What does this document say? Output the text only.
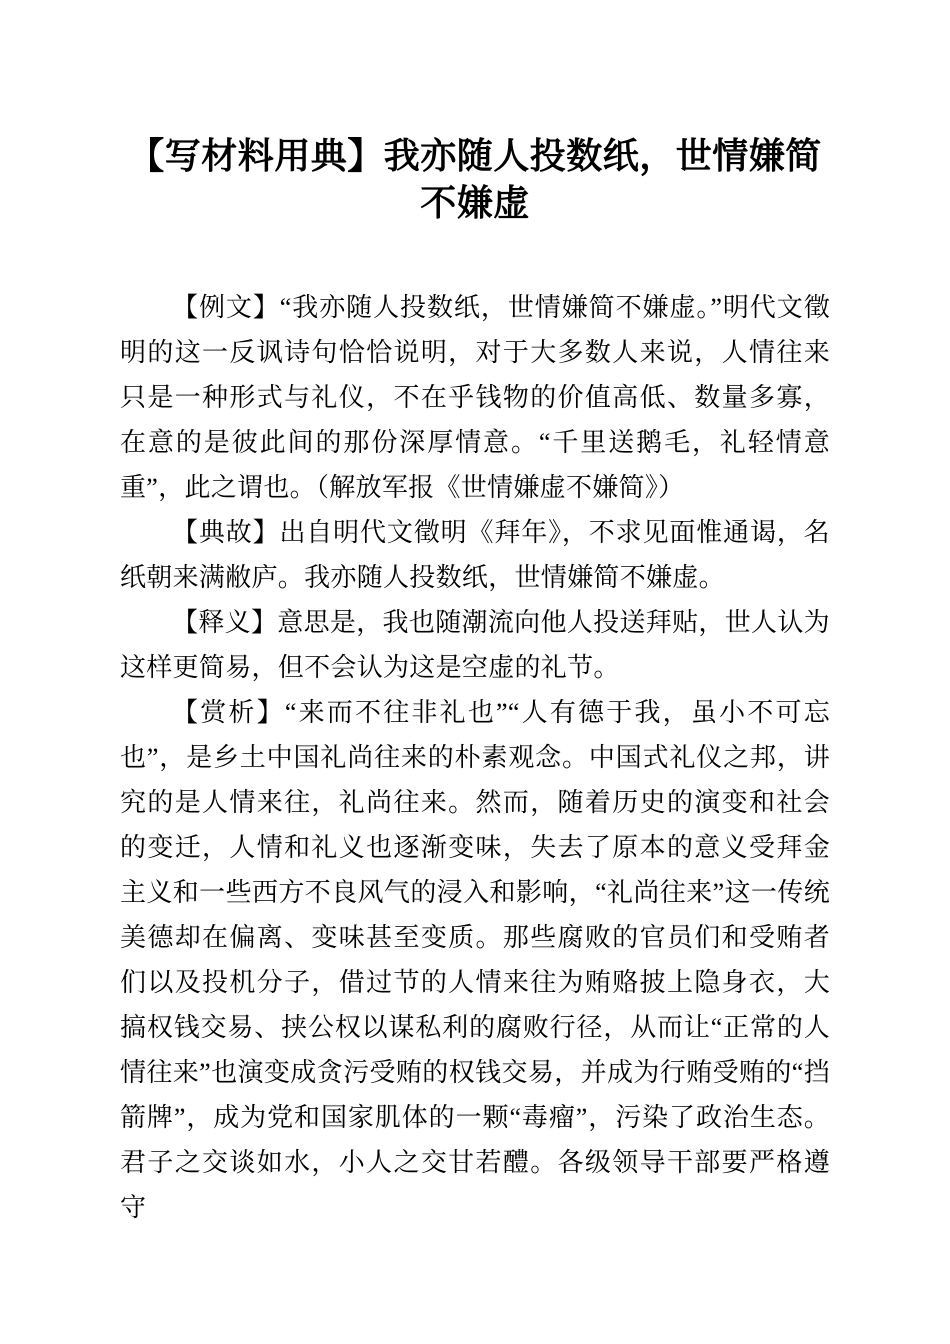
【写材料用典】我亦随人投数纸，世情嫌简不嫌虚

【例文】“我亦随人投数纸，世情嫌简不嫌虚。”明代文徵明的这一反讽诗句恰恰说明，对于大多数人来说，人情往来只是一种形式与礼仪，不在乎钱物的价值高低、数量多寡，在意的是彼此间的那份深厚情意。“千里送鹅毛，礼轻情意重”，此之谓也。（解放军报《世情嫌虚不嫌简》）

【典故】出自明代文徵明《拜年》，不求见面惟通谒，名纸朝来满敝庐。我亦随人投数纸，世情嫌简不嫌虚。

【释义】意思是，我也随潮流向他人投送拜贴，世人认为这样更简易，但不会认为这是空虚的礼节。

【赏析】“来而不往非礼也”“人有德于我，虽小不可忘也”，是乡土中国礼尚往来的朴素观念。中国式礼仪之邦，讲究的是人情来往，礼尚往来。然而，随着历史的演变和社会的变迁，人情和礼义也逐渐变味，失去了原本的意义受拜金主义和一些西方不良风气的浸入和影响，“礼尚往来”这一传统美德却在偏离、变味甚至变质。那些腐败的官员们和受贿者们以及投机分子，借过节的人情来往为贿赂披上隐身衣，大搞权钱交易、挟公权以谋私利的腐败行径，从而让“正常的人情往来”也演变成贪污受贿的权钱交易，并成为行贿受贿的“挡箭牌”，成为党和国家肌体的一颗“毒瘤”，污染了政治生态。君子之交谈如水，小人之交甘若醴。各级领导干部要严格遵守
